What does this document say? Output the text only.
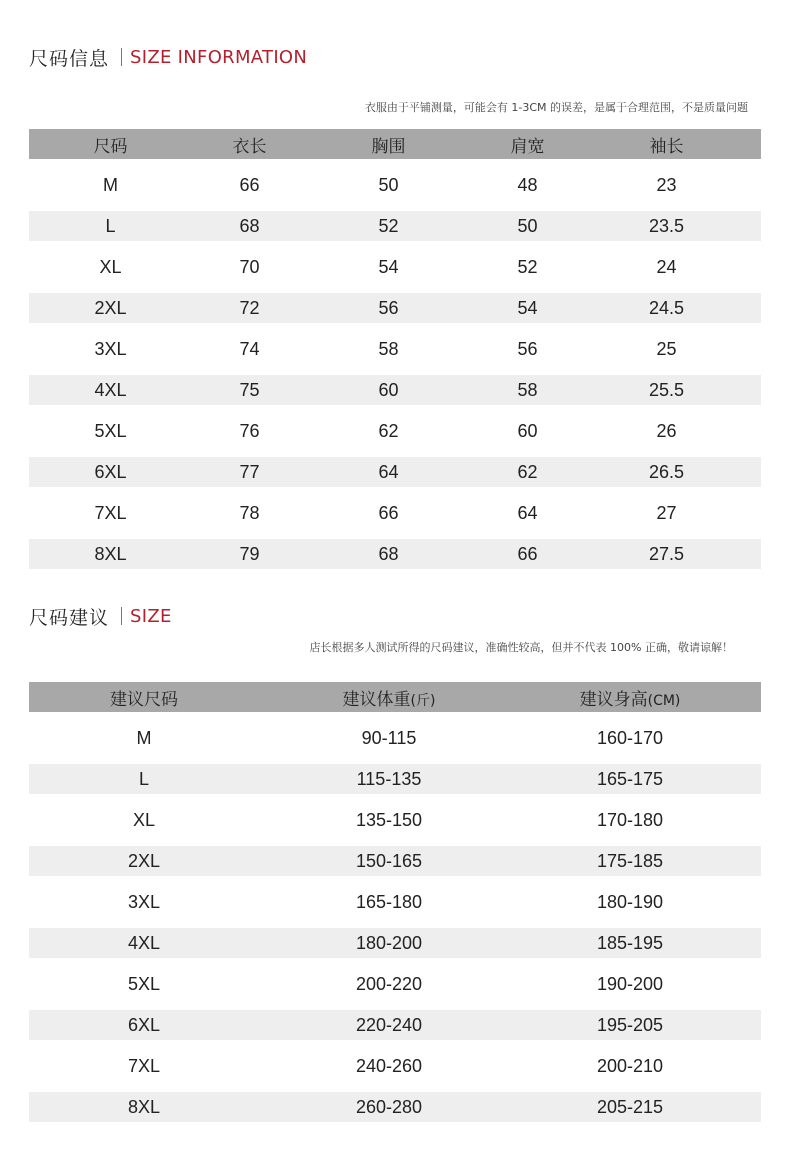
尺码信息 SIZE INFORMATION
衣服由于平铺测量，可能会有 1-3CM 的误差，是属于合理范围，不是质量问题
尺码	衣长	胸围	肩宽	袖长
M	66	50	48	23
L	68	52	50	23.5
XL	70	54	52	24
2XL	72	56	54	24.5
3XL	74	58	56	25
4XL	75	60	58	25.5
5XL	76	62	60	26
6XL	77	64	62	26.5
7XL	78	66	64	27
8XL	79	68	66	27.5
尺码建议 SIZE
店长根据多人测试所得的尺码建议，准确性较高，但并不代表 100% 正确，敬请谅解！
建议尺码	建议体重(斤)	建议身高(CM)
M	90-115	160-170
L	115-135	165-175
XL	135-150	170-180
2XL	150-165	175-185
3XL	165-180	180-190
4XL	180-200	185-195
5XL	200-220	190-200
6XL	220-240	195-205
7XL	240-260	200-210
8XL	260-280	205-215
